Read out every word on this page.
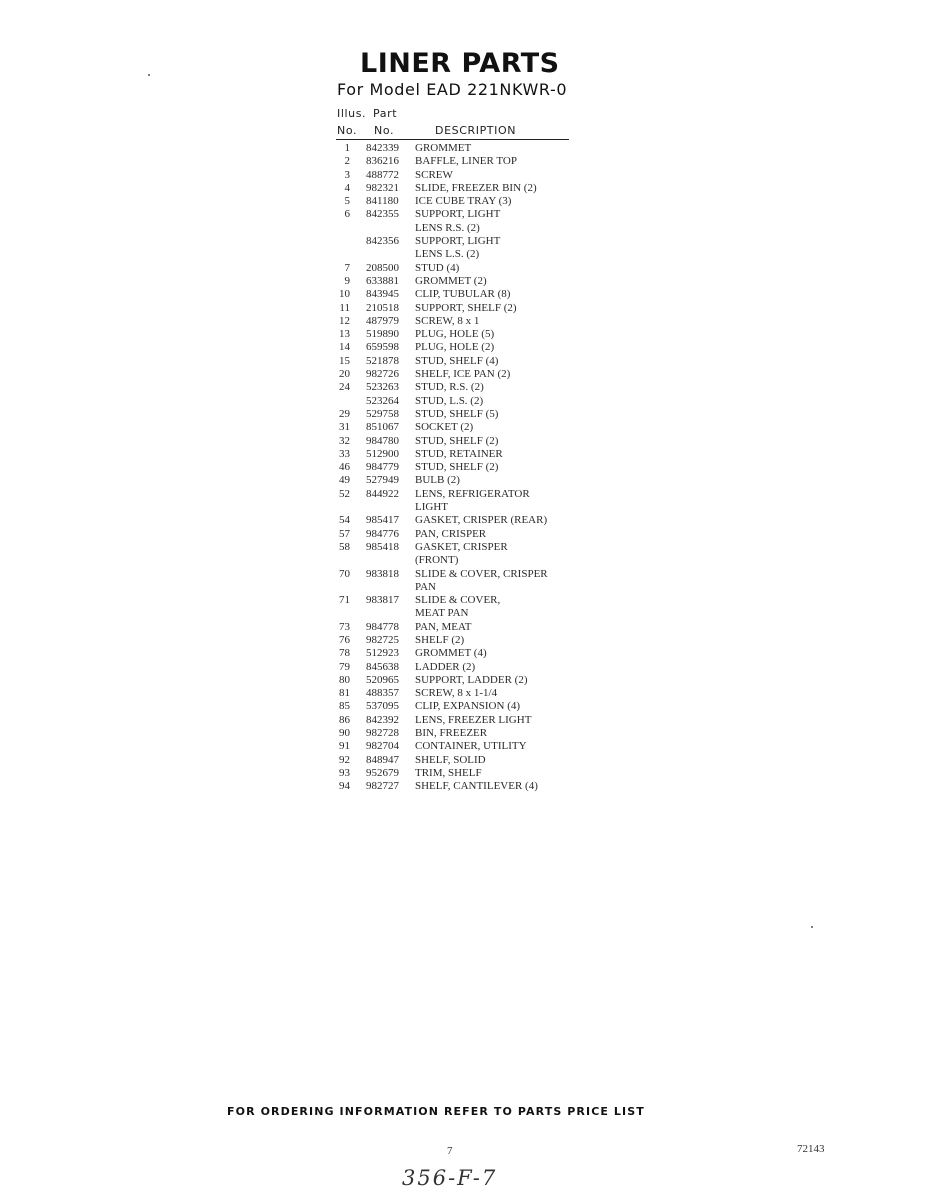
LINER PARTS
For Model EAD 221NKWR-0
Illus. Part
No. No.	DESCRIPTION
1 842339 GROMMET
2 836216 BAFFLE, LINER TOP
3 488772 SCREW
4 982321 SLIDE, FREEZER BIN (2)
5 841180 ICE CUBE TRAY (3)
6 842355 SUPPORT, LIGHT
LENS R.S. (2)
842356 SUPPORT, LIGHT
LENS L.S. (2)
7 208500 STUD (4)
9 633881 GROMMET (2)
10 843945 CLIP, TUBULAR (8)
11 210518 SUPPORT, SHELF (2)
12 487979 SCREW, 8 x 1
13 519890 PLUG, HOLE (5)
14 659598 PLUG, HOLE (2)
15 521878 STUD, SHELF (4)
20 982726 SHELF, ICE PAN (2)
24 523263 STUD, R.S. (2)
523264 STUD, L.S. (2)
29 529758 STUD, SHELF (5)
31 851067 SOCKET (2)
32 984780 STUD, SHELF (2)
33 512900 STUD, RETAINER
46 984779 STUD, SHELF (2)
49 527949 BULB (2)
52 844922 LENS, REFRIGERATOR
LIGHT
54 985417 GASKET, CRISPER (REAR)
57 984776 PAN, CRISPER
58 985418 GASKET, CRISPER
(FRONT)
70 983818 SLIDE & COVER, CRISPER
PAN
71 983817 SLIDE & COVER,
MEAT PAN
73 984778 PAN, MEAT
76 982725 SHELF (2)
78 512923 GROMMET (4)
79 845638 LADDER (2)
80 520965 SUPPORT, LADDER (2)
81 488357 SCREW, 8 x 1-1/4
85 537095 CLIP, EXPANSION (4)
86 842392 LENS, FREEZER LIGHT
90 982728 BIN, FREEZER
91 982704 CONTAINER, UTILITY
92 848947 SHELF, SOLID
93 952679 TRIM, SHELF
94 982727 SHELF, CANTILEVER (4)
FOR ORDERING INFORMATION REFER TO PARTS PRICE LIST
7	72143
356-F-7
